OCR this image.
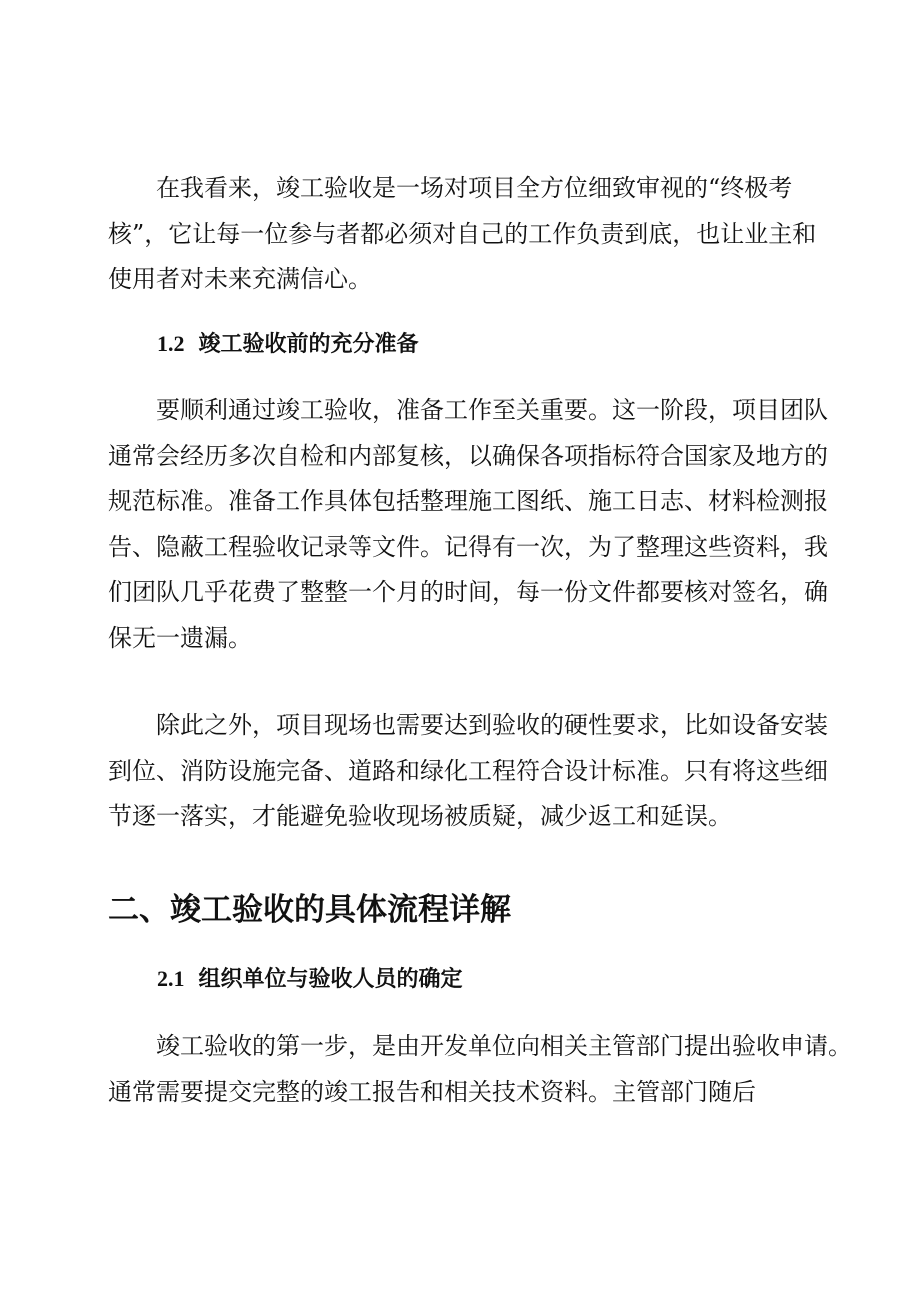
在我看来，竣工验收是一场对项目全方位细致审视的“终极考
核”，它让每一位参与者都必须对自己的工作负责到底，也让业主和
使用者对未来充满信心。

1.2 竣工验收前的充分准备

要顺利通过竣工验收，准备工作至关重要。这一阶段，项目团队
通常会经历多次自检和内部复核，以确保各项指标符合国家及地方的
规范标准。准备工作具体包括整理施工图纸、施工日志、材料检测报
告、隐蔽工程验收记录等文件。记得有一次，为了整理这些资料，我
们团队几乎花费了整整一个月的时间，每一份文件都要核对签名，确
保无一遗漏。

除此之外，项目现场也需要达到验收的硬性要求，比如设备安装
到位、消防设施完备、道路和绿化工程符合设计标准。只有将这些细
节逐一落实，才能避免验收现场被质疑，减少返工和延误。

二、竣工验收的具体流程详解
2.1 组织单位与验收人员的确定

竣工验收的第一步，是由开发单位向相关主管部门提出验收申请。
通常需要提交完整的竣工报告和相关技术资料。主管部门随后
